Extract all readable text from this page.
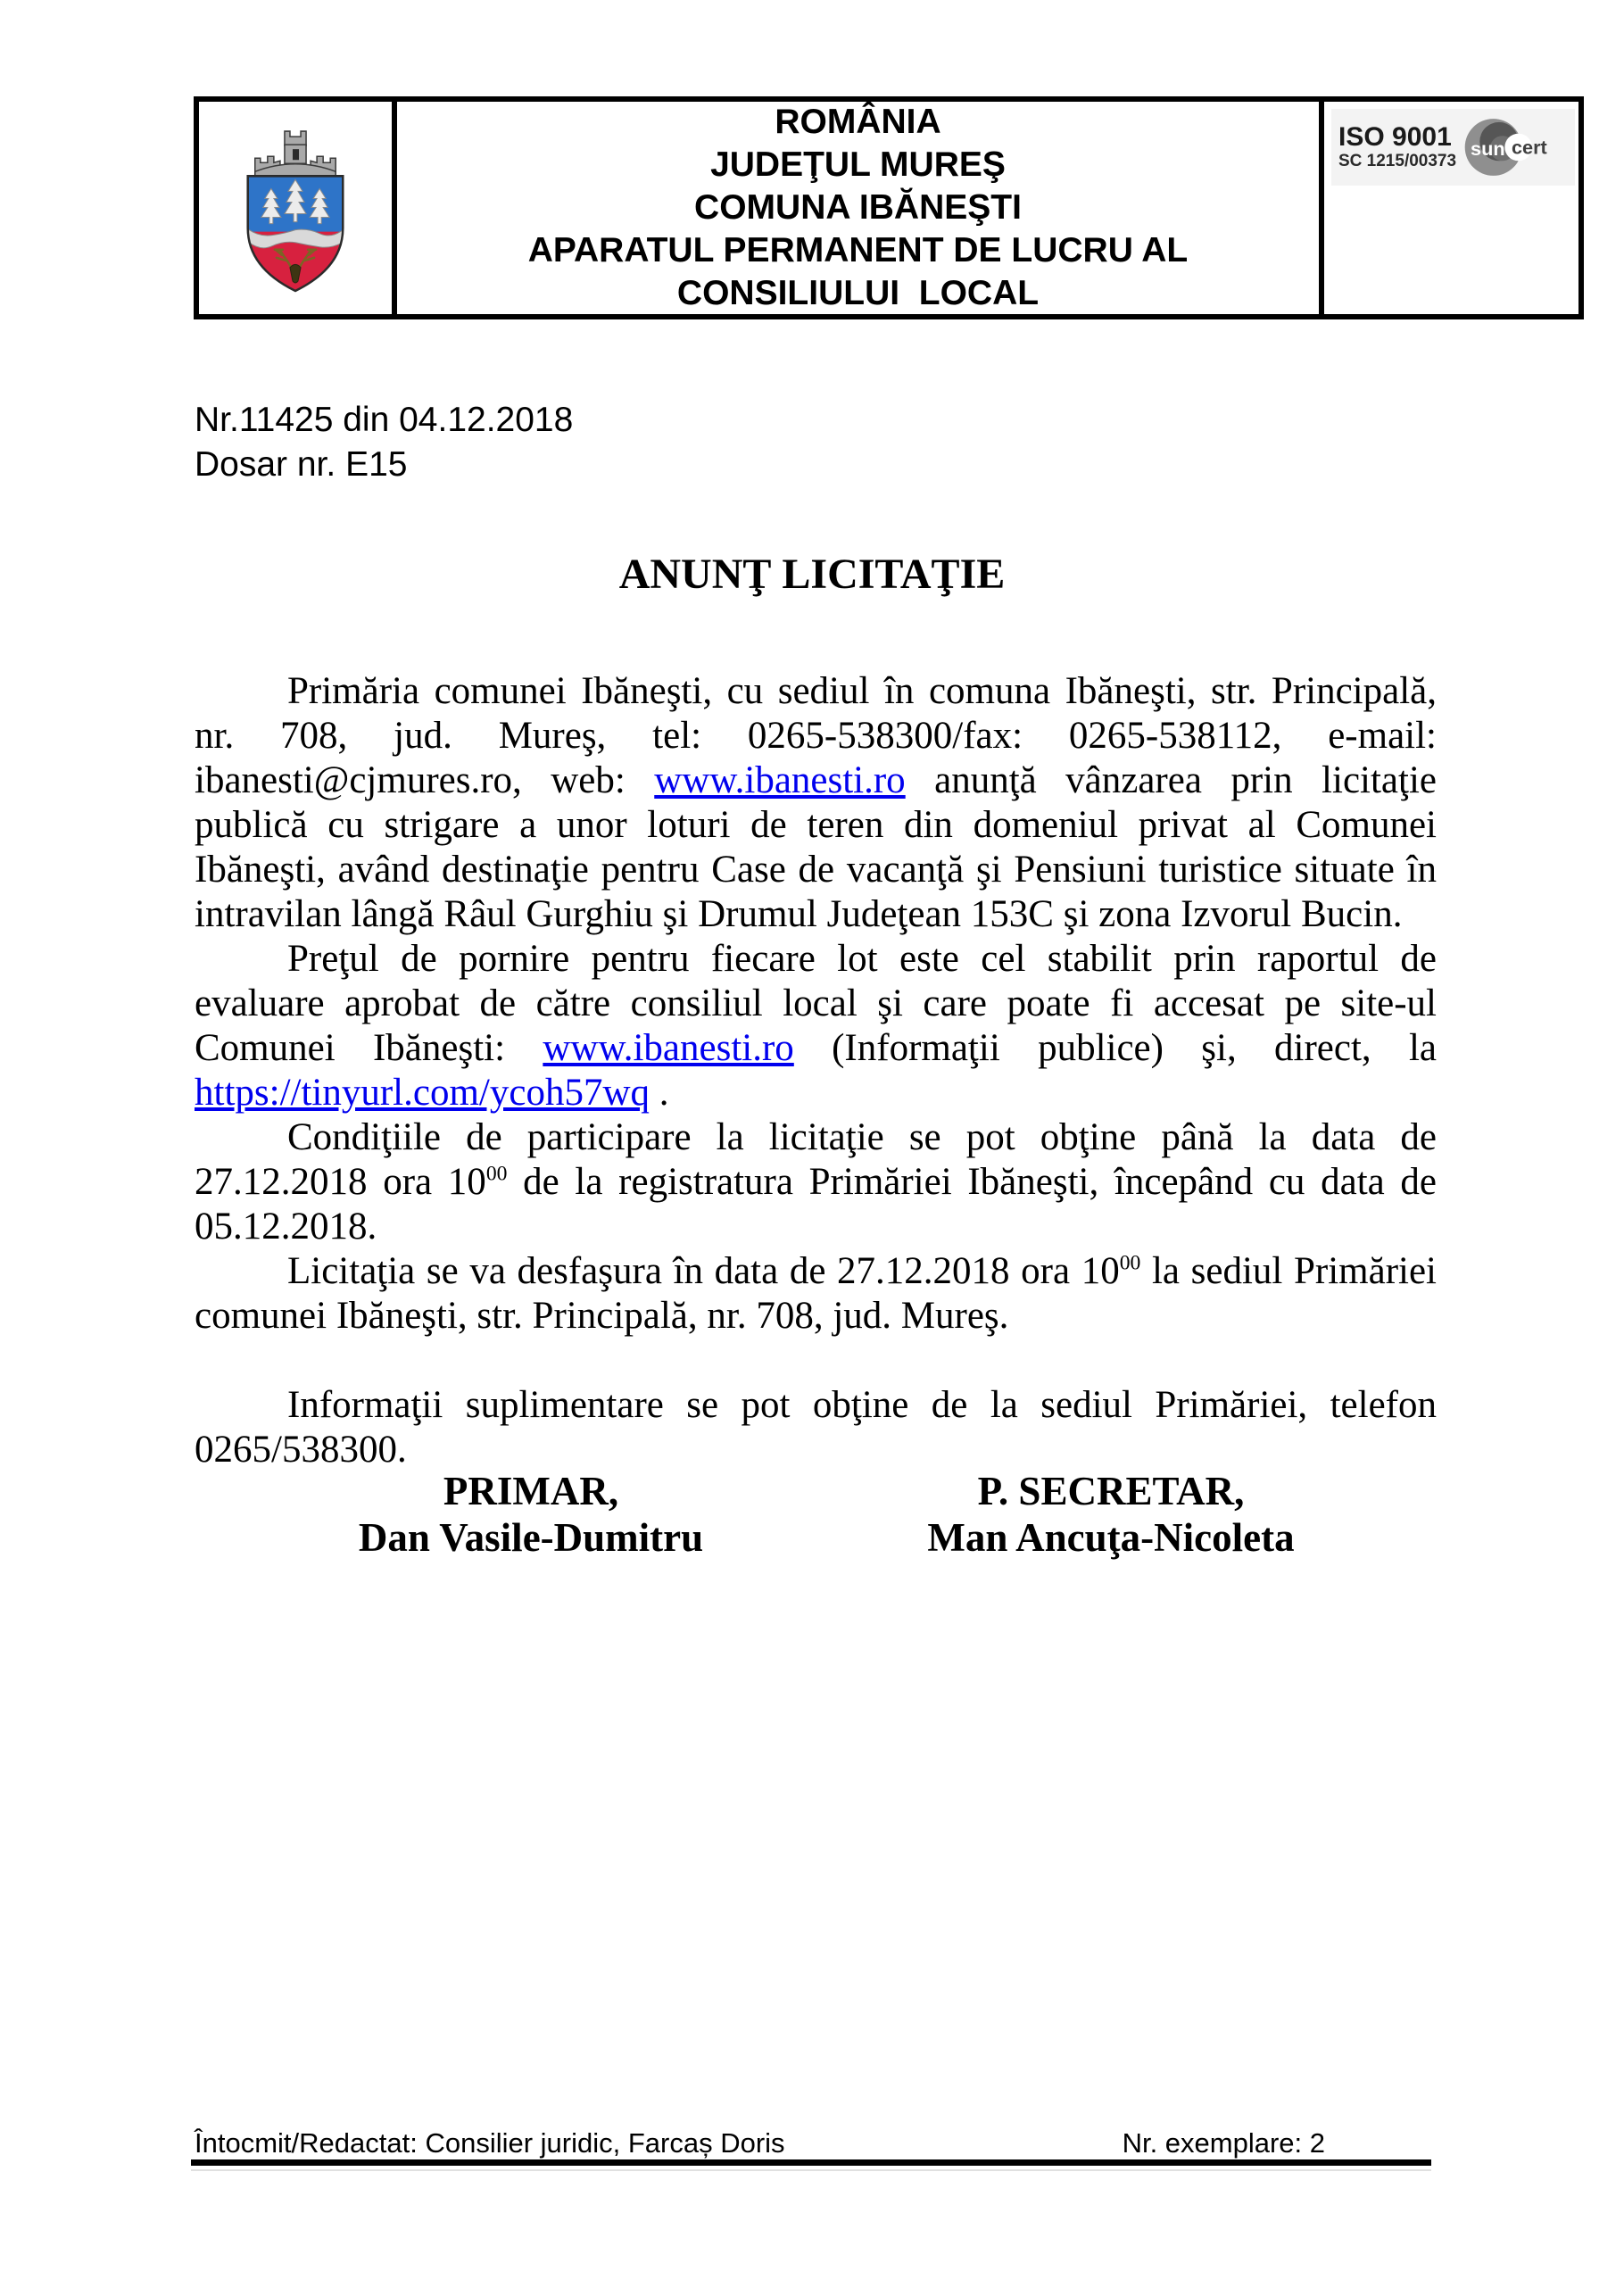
ROMÂNIA
JUDEŢUL MUREŞ
COMUNA IBĂNEŞTI
APARATUL PERMANENT DE LUCRU AL
CONSILIULUI  LOCAL
ISO 9001
SC 1215/00373
sun cert
Nr.11425 din 04.12.2018
Dosar nr. E15
ANUNŢ LICITAŢIE

Primăria comunei Ibăneşti, cu sediul în comuna Ibăneşti, str. Principală, nr. 708, jud. Mureş, tel: 0265-538300/fax: 0265-538112, e-mail: ibanesti@cjmures.ro, web: www.ibanesti.ro anunţă vânzarea prin licitaţie publică cu strigare a unor loturi de teren din domeniul privat al Comunei Ibăneşti, având destinaţie pentru Case de vacanţă şi Pensiuni turistice situate în intravilan lângă Râul Gurghiu şi Drumul Judeţean 153C şi zona Izvorul Bucin.

Preţul de pornire pentru fiecare lot este cel stabilit prin raportul de evaluare aprobat de către consiliul local şi care poate fi accesat pe site-ul Comunei Ibăneşti: www.ibanesti.ro (Informaţii publice) şi, direct, la https://tinyurl.com/ycoh57wq .

Condiţiile de participare la licitaţie se pot obţine până la data de 27.12.2018 ora $10^{00}$ de la registratura Primăriei Ibăneşti, începând cu data de 05.12.2018.

Licitaţia se va desfaşura în data de 27.12.2018 ora $10^{00}$ la sediul Primăriei comunei Ibăneşti, str. Principală, nr. 708, jud. Mureş.

Informaţii suplimentare se pot obţine de la sediul Primăriei, telefon 0265/538300.

PRIMAR,
Dan Vasile-Dumitru
P. SECRETAR,
Man Ancuţa-Nicoleta
Întocmit/Redactat: Consilier juridic, Farcaș Doris	Nr. exemplare: 2
